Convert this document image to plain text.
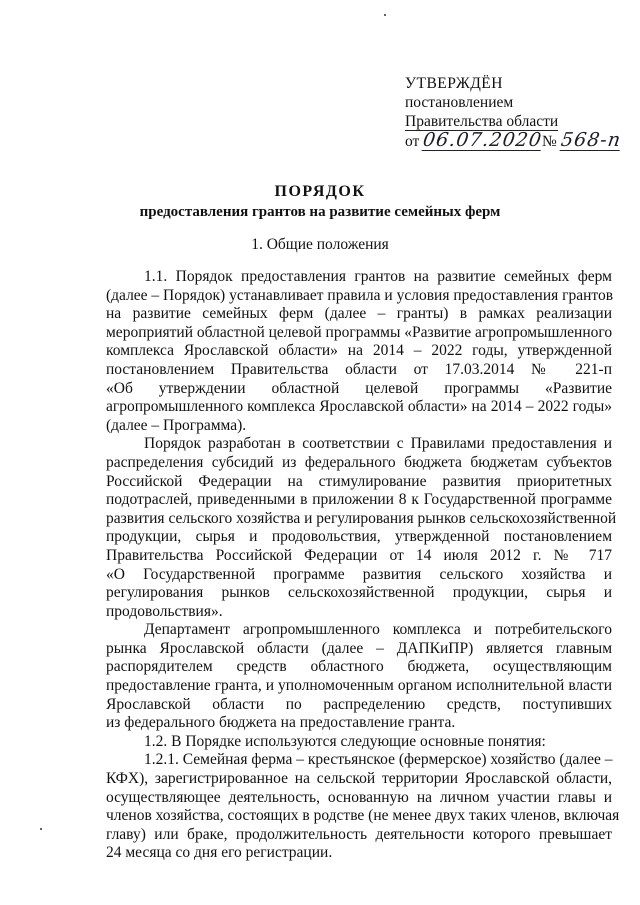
УТВЕРЖДЁН
постановлением
Правительства области
от 06.07.2020№ 568-п
ПОРЯДОК
предоставления грантов на развитие семейных ферм
1. Общие положения
1.1. Порядок предоставления грантов на развитие семейных ферм
(далее – Порядок) устанавливает правила и условия предоставления грантов
на развитие семейных ферм (далее – гранты) в рамках реализации
мероприятий областной целевой программы «Развитие агропромышленного
комплекса Ярославской области» на 2014 – 2022 годы, утвержденной
постановлением Правительства области от 17.03.2014 № 221-п
«Об утверждении областной целевой программы «Развитие
агропромышленного комплекса Ярославской области» на 2014 – 2022 годы»
(далее – Программа).
Порядок разработан в соответствии с Правилами предоставления и
распределения субсидий из федерального бюджета бюджетам субъектов
Российской Федерации на стимулирование развития приоритетных
подотраслей, приведенными в приложении 8 к Государственной программе
развития сельского хозяйства и регулирования рынков сельскохозяйственной
продукции, сырья и продовольствия, утвержденной постановлением
Правительства Российской Федерации от 14 июля 2012 г. № 717
«О Государственной программе развития сельского хозяйства и
регулирования рынков сельскохозяйственной продукции, сырья и
продовольствия».
Департамент агропромышленного комплекса и потребительского
рынка Ярославской области (далее – ДАПКиПР) является главным
распорядителем средств областного бюджета, осуществляющим
предоставление гранта, и уполномоченным органом исполнительной власти
Ярославской области по распределению средств, поступивших
из федерального бюджета на предоставление гранта.
1.2. В Порядке используются следующие основные понятия:
1.2.1. Семейная ферма – крестьянское (фермерское) хозяйство (далее –
КФХ), зарегистрированное на сельской территории Ярославской области,
осуществляющее деятельность, основанную на личном участии главы и
членов хозяйства, состоящих в родстве (не менее двух таких членов, включая
главу) или браке, продолжительность деятельности которого превышает
24 месяца со дня его регистрации.
